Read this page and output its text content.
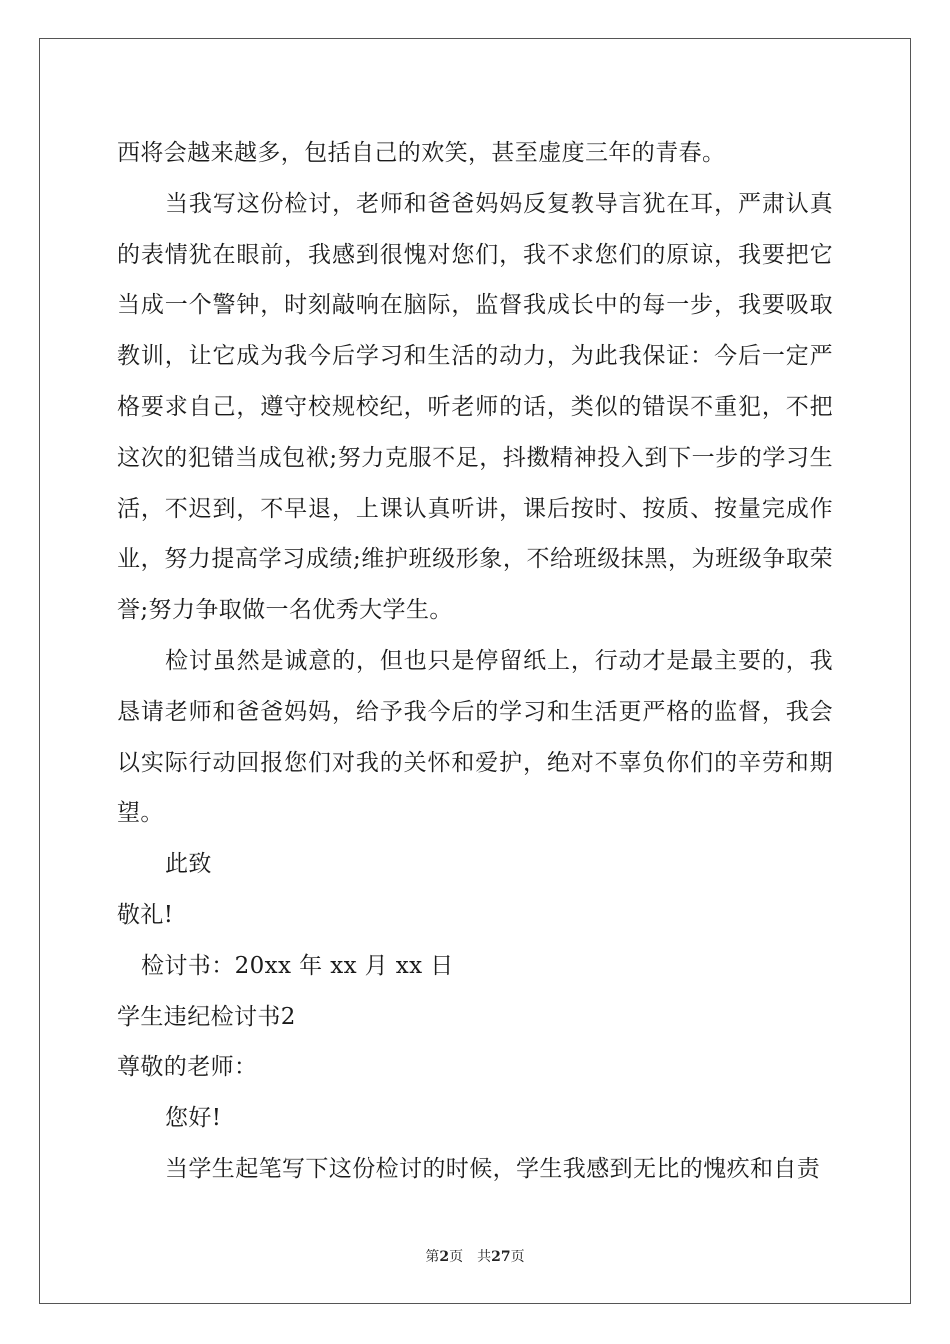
西将会越来越多，包括自己的欢笑，甚至虚度三年的青春。

当我写这份检讨，老师和爸爸妈妈反复教导言犹在耳，严肃认真的表情犹在眼前，我感到很愧对您们，我不求您们的原谅，我要把它当成一个警钟，时刻敲响在脑际，监督我成长中的每一步，我要吸取教训，让它成为我今后学习和生活的动力，为此我保证：今后一定严格要求自己，遵守校规校纪，听老师的话，类似的错误不重犯，不把这次的犯错当成包袱;努力克服不足，抖擞精神投入到下一步的学习生活，不迟到，不早退，上课认真听讲，课后按时、按质、按量完成作业，努力提高学习成绩;维护班级形象，不给班级抹黑，为班级争取荣誉;努力争取做一名优秀大学生。

检讨虽然是诚意的，但也只是停留纸上，行动才是最主要的，我恳请老师和爸爸妈妈，给予我今后的学习和生活更严格的监督，我会以实际行动回报您们对我的关怀和爱护，绝对不辜负你们的辛劳和期望。

此致

敬礼!

检讨书：20xx 年 xx 月 xx 日

学生违纪检讨书2

尊敬的老师：

您好!

当学生起笔写下这份检讨的时候，学生我感到无比的愧疚和自责

第2页　共27页
